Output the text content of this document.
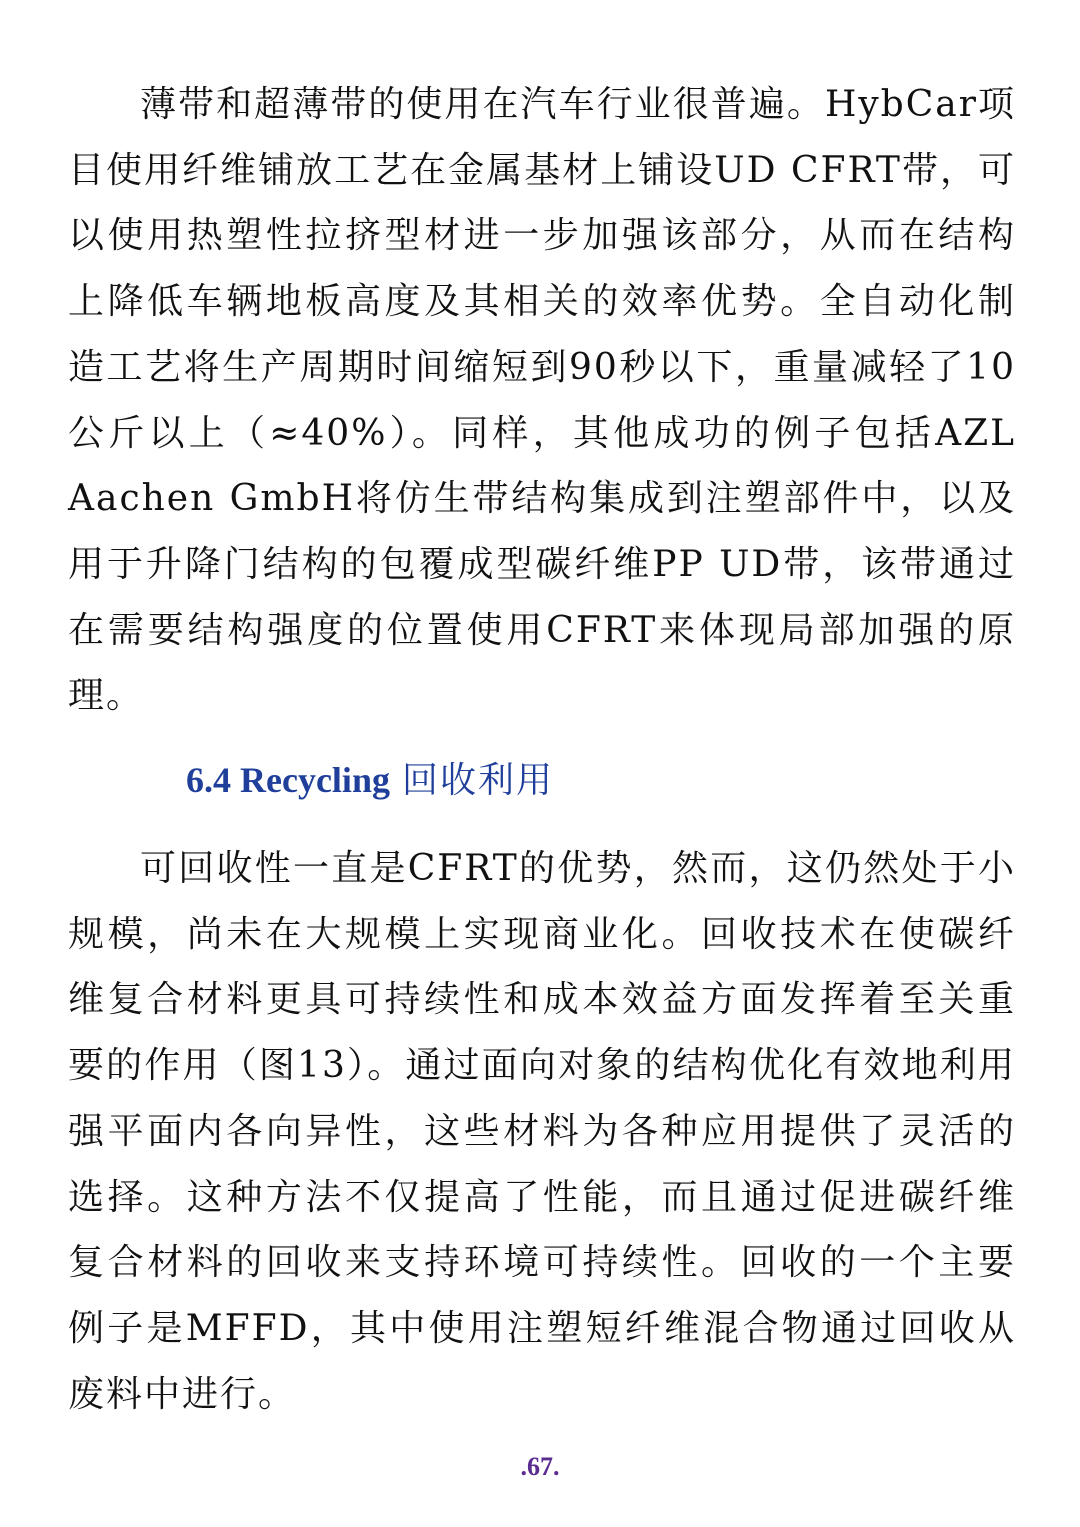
薄带和超薄带的使用在汽车行业很普遍。HybCar项目使用纤维铺放工艺在金属基材上铺设UD CFRT带，可以使用热塑性拉挤型材进一步加强该部分，从而在结构上降低车辆地板高度及其相关的效率优势。全自动化制造工艺将生产周期时间缩短到90秒以下，重量减轻了10公斤以上（≈40%）。同样，其他成功的例子包括AZL Aachen GmbH将仿生带结构集成到注塑部件中，以及用于升降门结构的包覆成型碳纤维PP UD带，该带通过在需要结构强度的位置使用CFRT来体现局部加强的原理。

6.4 Recycling 回收利用

可回收性一直是CFRT的优势，然而，这仍然处于小规模，尚未在大规模上实现商业化。回收技术在使碳纤维复合材料更具可持续性和成本效益方面发挥着至关重要的作用（图13）。通过面向对象的结构优化有效地利用强平面内各向异性，这些材料为各种应用提供了灵活的选择。这种方法不仅提高了性能，而且通过促进碳纤维复合材料的回收来支持环境可持续性。回收的一个主要例子是MFFD，其中使用注塑短纤维混合物通过回收从废料中进行。

.67.
